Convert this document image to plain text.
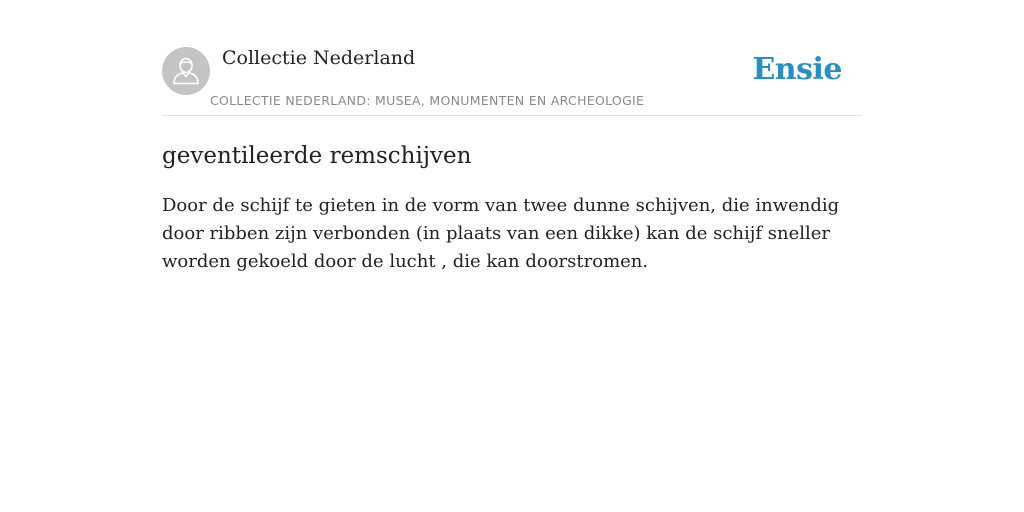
Collectie Nederland
COLLECTIE NEDERLAND: MUSEA, MONUMENTEN EN ARCHEOLOGIE
Ensie
geventileerde remschijven

Door de schijf te gieten in de vorm van twee dunne schijven, die inwendig door ribben zijn verbonden (in plaats van een dikke) kan de schijf sneller worden gekoeld door de lucht , die kan doorstromen.
